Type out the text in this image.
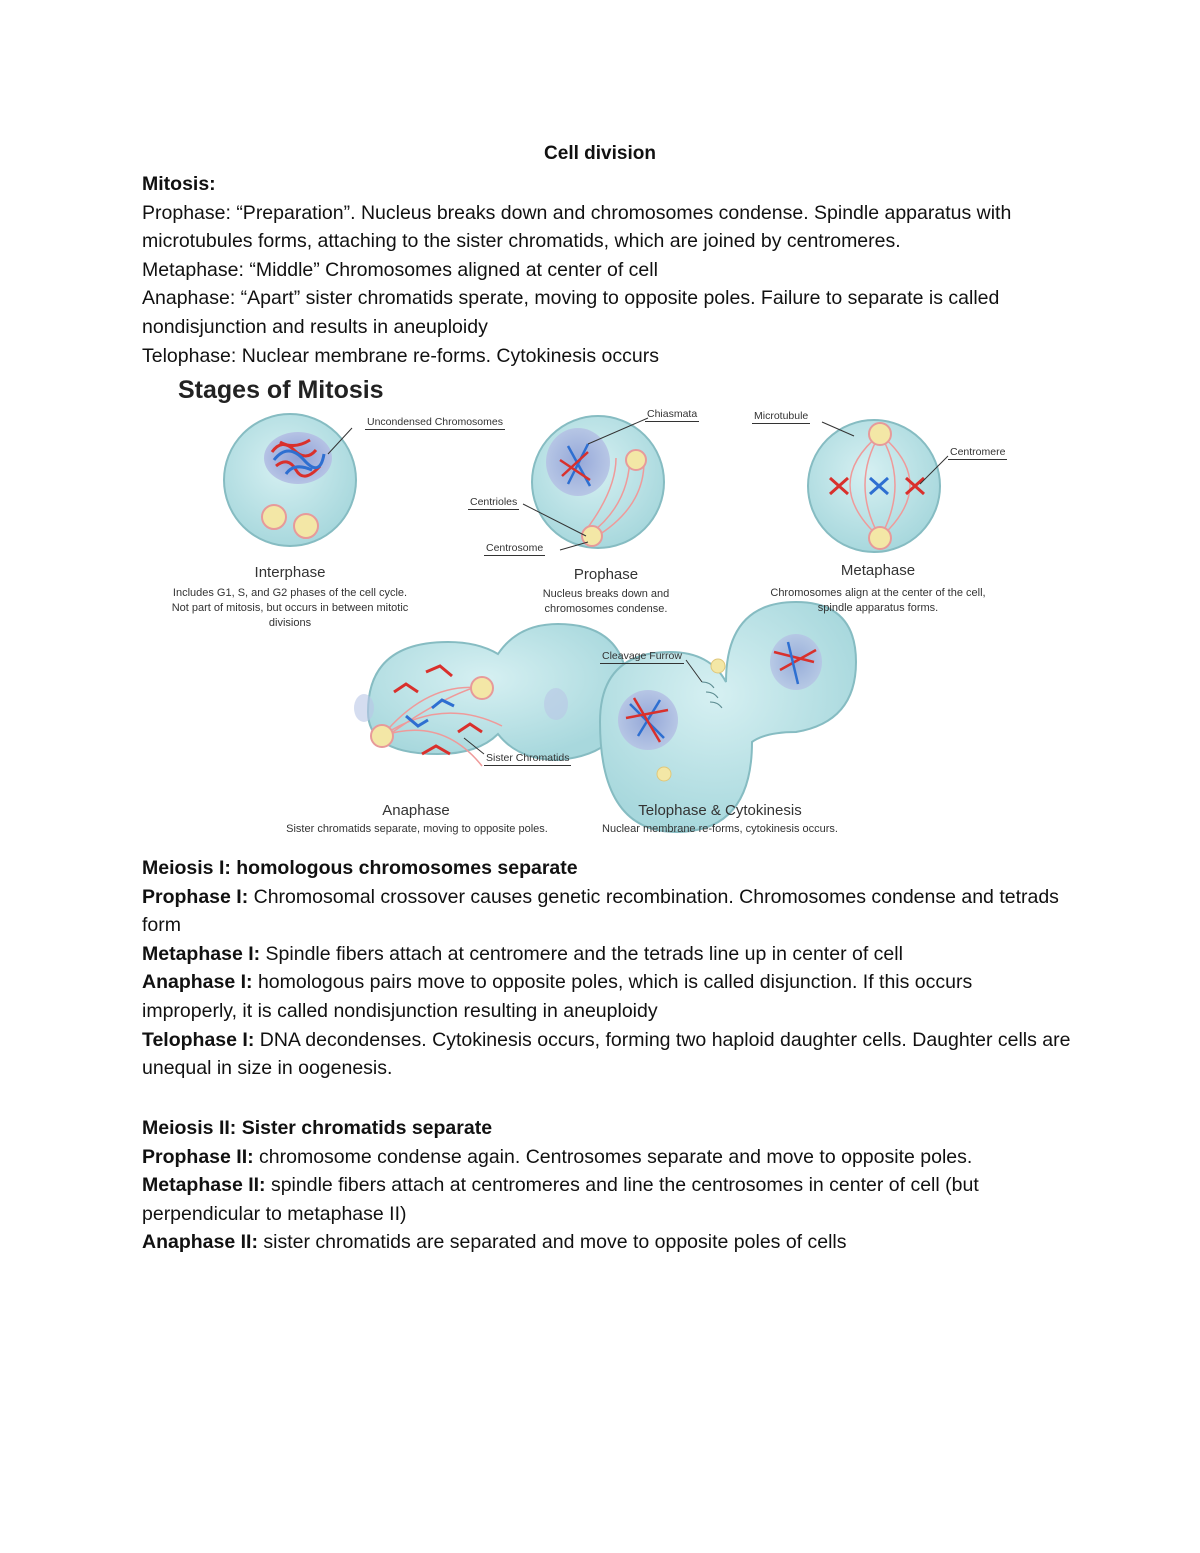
Cell division

Mitosis:

Prophase: “Preparation”. Nucleus breaks down and chromosomes condense. Spindle apparatus with microtubules forms, attaching to the sister chromatids, which are joined by centromeres.

Metaphase: “Middle” Chromosomes aligned at center of cell

Anaphase: “Apart” sister chromatids sperate, moving to opposite poles. Failure to separate is called nondisjunction and results in aneuploidy

Telophase: Nuclear membrane re-forms. Cytokinesis occurs

Stages of Mitosis
Uncondensed Chromosomes
Chiasmata	Microtubule
Centromere
Centrioles
Centrosome
Cleavage Furrow
Sister Chromatids
Interphase
Includes G1, S, and G2 phases of the cell cycle. Not part of mitosis, but occurs in between mitotic divisions
Prophase
Nucleus breaks down and chromosomes condense.
Metaphase
Chromosomes align at the center of the cell, spindle apparatus forms.
Anaphase
Sister chromatids separate, moving to opposite poles.
Telophase & Cytokinesis
Nuclear membrane re-forms, cytokinesis occurs.

Meiosis I: homologous chromosomes separate

Prophase I: Chromosomal crossover causes genetic recombination. Chromosomes condense and tetrads form

Metaphase I: Spindle fibers attach at centromere and the tetrads line up in center of cell

Anaphase I: homologous pairs move to opposite poles, which is called disjunction. If this occurs improperly, it is called nondisjunction resulting in aneuploidy

Telophase I: DNA decondenses. Cytokinesis occurs, forming two haploid daughter cells. Daughter cells are unequal in size in oogenesis.

Meiosis II: Sister chromatids separate

Prophase II: chromosome condense again. Centrosomes separate and move to opposite poles.

Metaphase II: spindle fibers attach at centromeres and line the centrosomes in center of cell (but perpendicular to metaphase II)

Anaphase II: sister chromatids are separated and move to opposite poles of cells
